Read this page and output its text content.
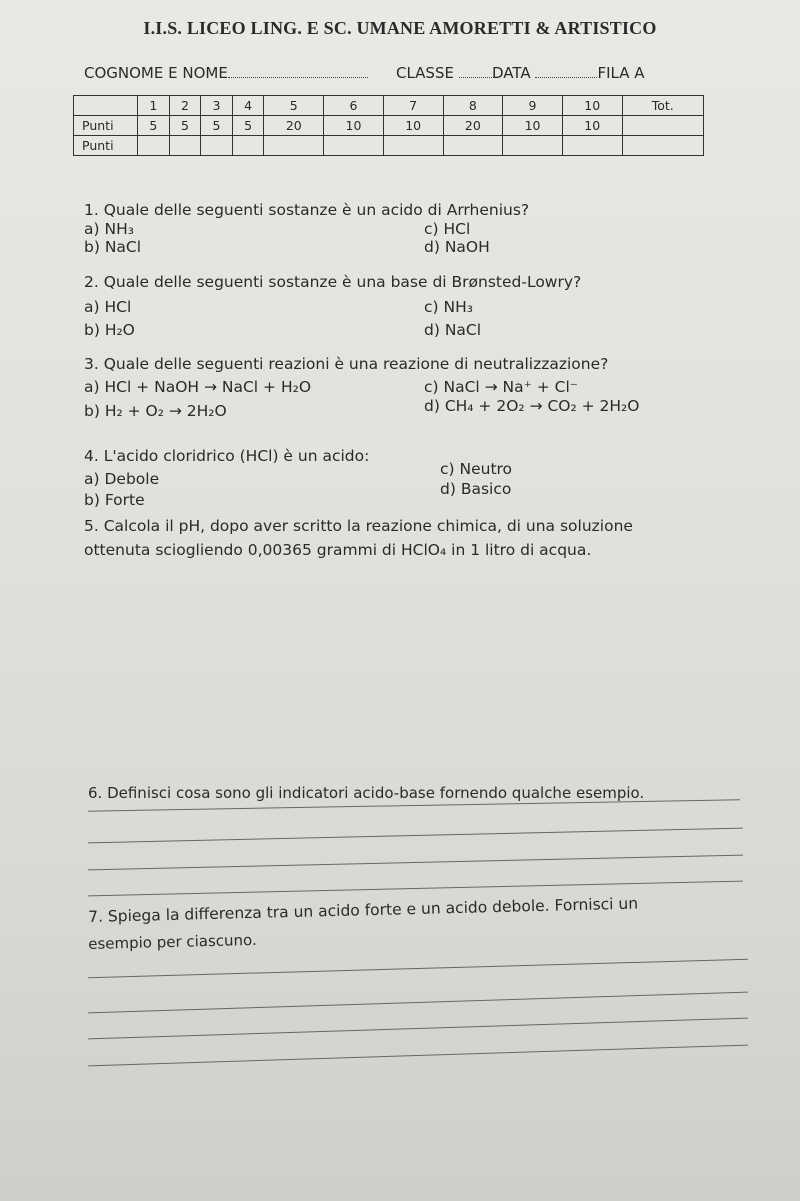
I.I.S. LICEO LING. E SC. UMANE AMORETTI & ARTISTICO
COGNOME E NOME	CLASSE	DATA	FILA A
	1	2	3	4	5	6	7	8	9	10	Tot.
Punti	5	5	5	5	20	10	10	20	10	10	
Punti											
1. Quale delle seguenti sostanze è un acido di Arrhenius?
a) NH₃	c) HCl
b) NaCl	d) NaOH
2. Quale delle seguenti sostanze è una base di Brønsted-Lowry?
a) HCl	c) NH₃
b) H₂O	d) NaCl
3. Quale delle seguenti reazioni è una reazione di neutralizzazione?
a) HCl + NaOH → NaCl + H₂O	c) NaCl → Na⁺ + Cl⁻
b) H₂ + O₂ → 2H₂O	d) CH₄ + 2O₂ → CO₂ + 2H₂O
4. L'acido cloridrico (HCl) è un acido:
c) Neutro
a) Debole
d) Basico
b) Forte
5. Calcola il pH, dopo aver scritto la reazione chimica, di una soluzione
ottenuta sciogliendo 0,00365 grammi di HClO₄ in 1 litro di acqua.
6. Definisci cosa sono gli indicatori acido-base fornendo qualche esempio.
7. Spiega la differenza tra un acido forte e un acido debole. Fornisci un
esempio per ciascuno.
